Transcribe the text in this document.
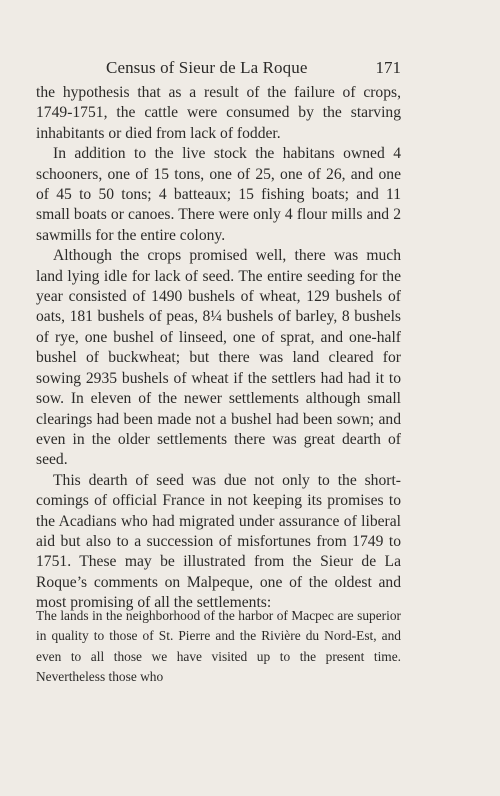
Census of Sieur de La Roque	171

the hypothesis that as a result of the failure of crops, 1749-1751, the cattle were consumed by the starving inhabitants or died from lack of fodder.

In addition to the live stock the habitans owned 4 schooners, one of 15 tons, one of 25, one of 26, and one of 45 to 50 tons; 4 batteaux; 15 fishing boats; and 11 small boats or canoes. There were only 4 flour mills and 2 sawmills for the entire colony.

Although the crops promised well, there was much land lying idle for lack of seed. The entire seeding for the year consisted of 1490 bushels of wheat, 129 bushels of oats, 181 bushels of peas, 8¼ bushels of barley, 8 bushels of rye, one bushel of linseed, one of sprat, and one-half bushel of buckwheat; but there was land cleared for sowing 2935 bushels of wheat if the settlers had had it to sow. In eleven of the newer settlements although small clearings had been made not a bushel had been sown; and even in the older settlements there was great dearth of seed.

This dearth of seed was due not only to the shortcomings of official France in not keeping its promises to the Acadians who had migrated under assurance of liberal aid but also to a succession of misfortunes from 1749 to 1751. These may be illustrated from the Sieur de La Roque’s comments on Malpeque, one of the oldest and most promising of all the settlements:

The lands in the neighborhood of the harbor of Macpec are superior in quality to those of St. Pierre and the Rivière du Nord-Est, and even to all those we have visited up to the present time. Nevertheless those who
